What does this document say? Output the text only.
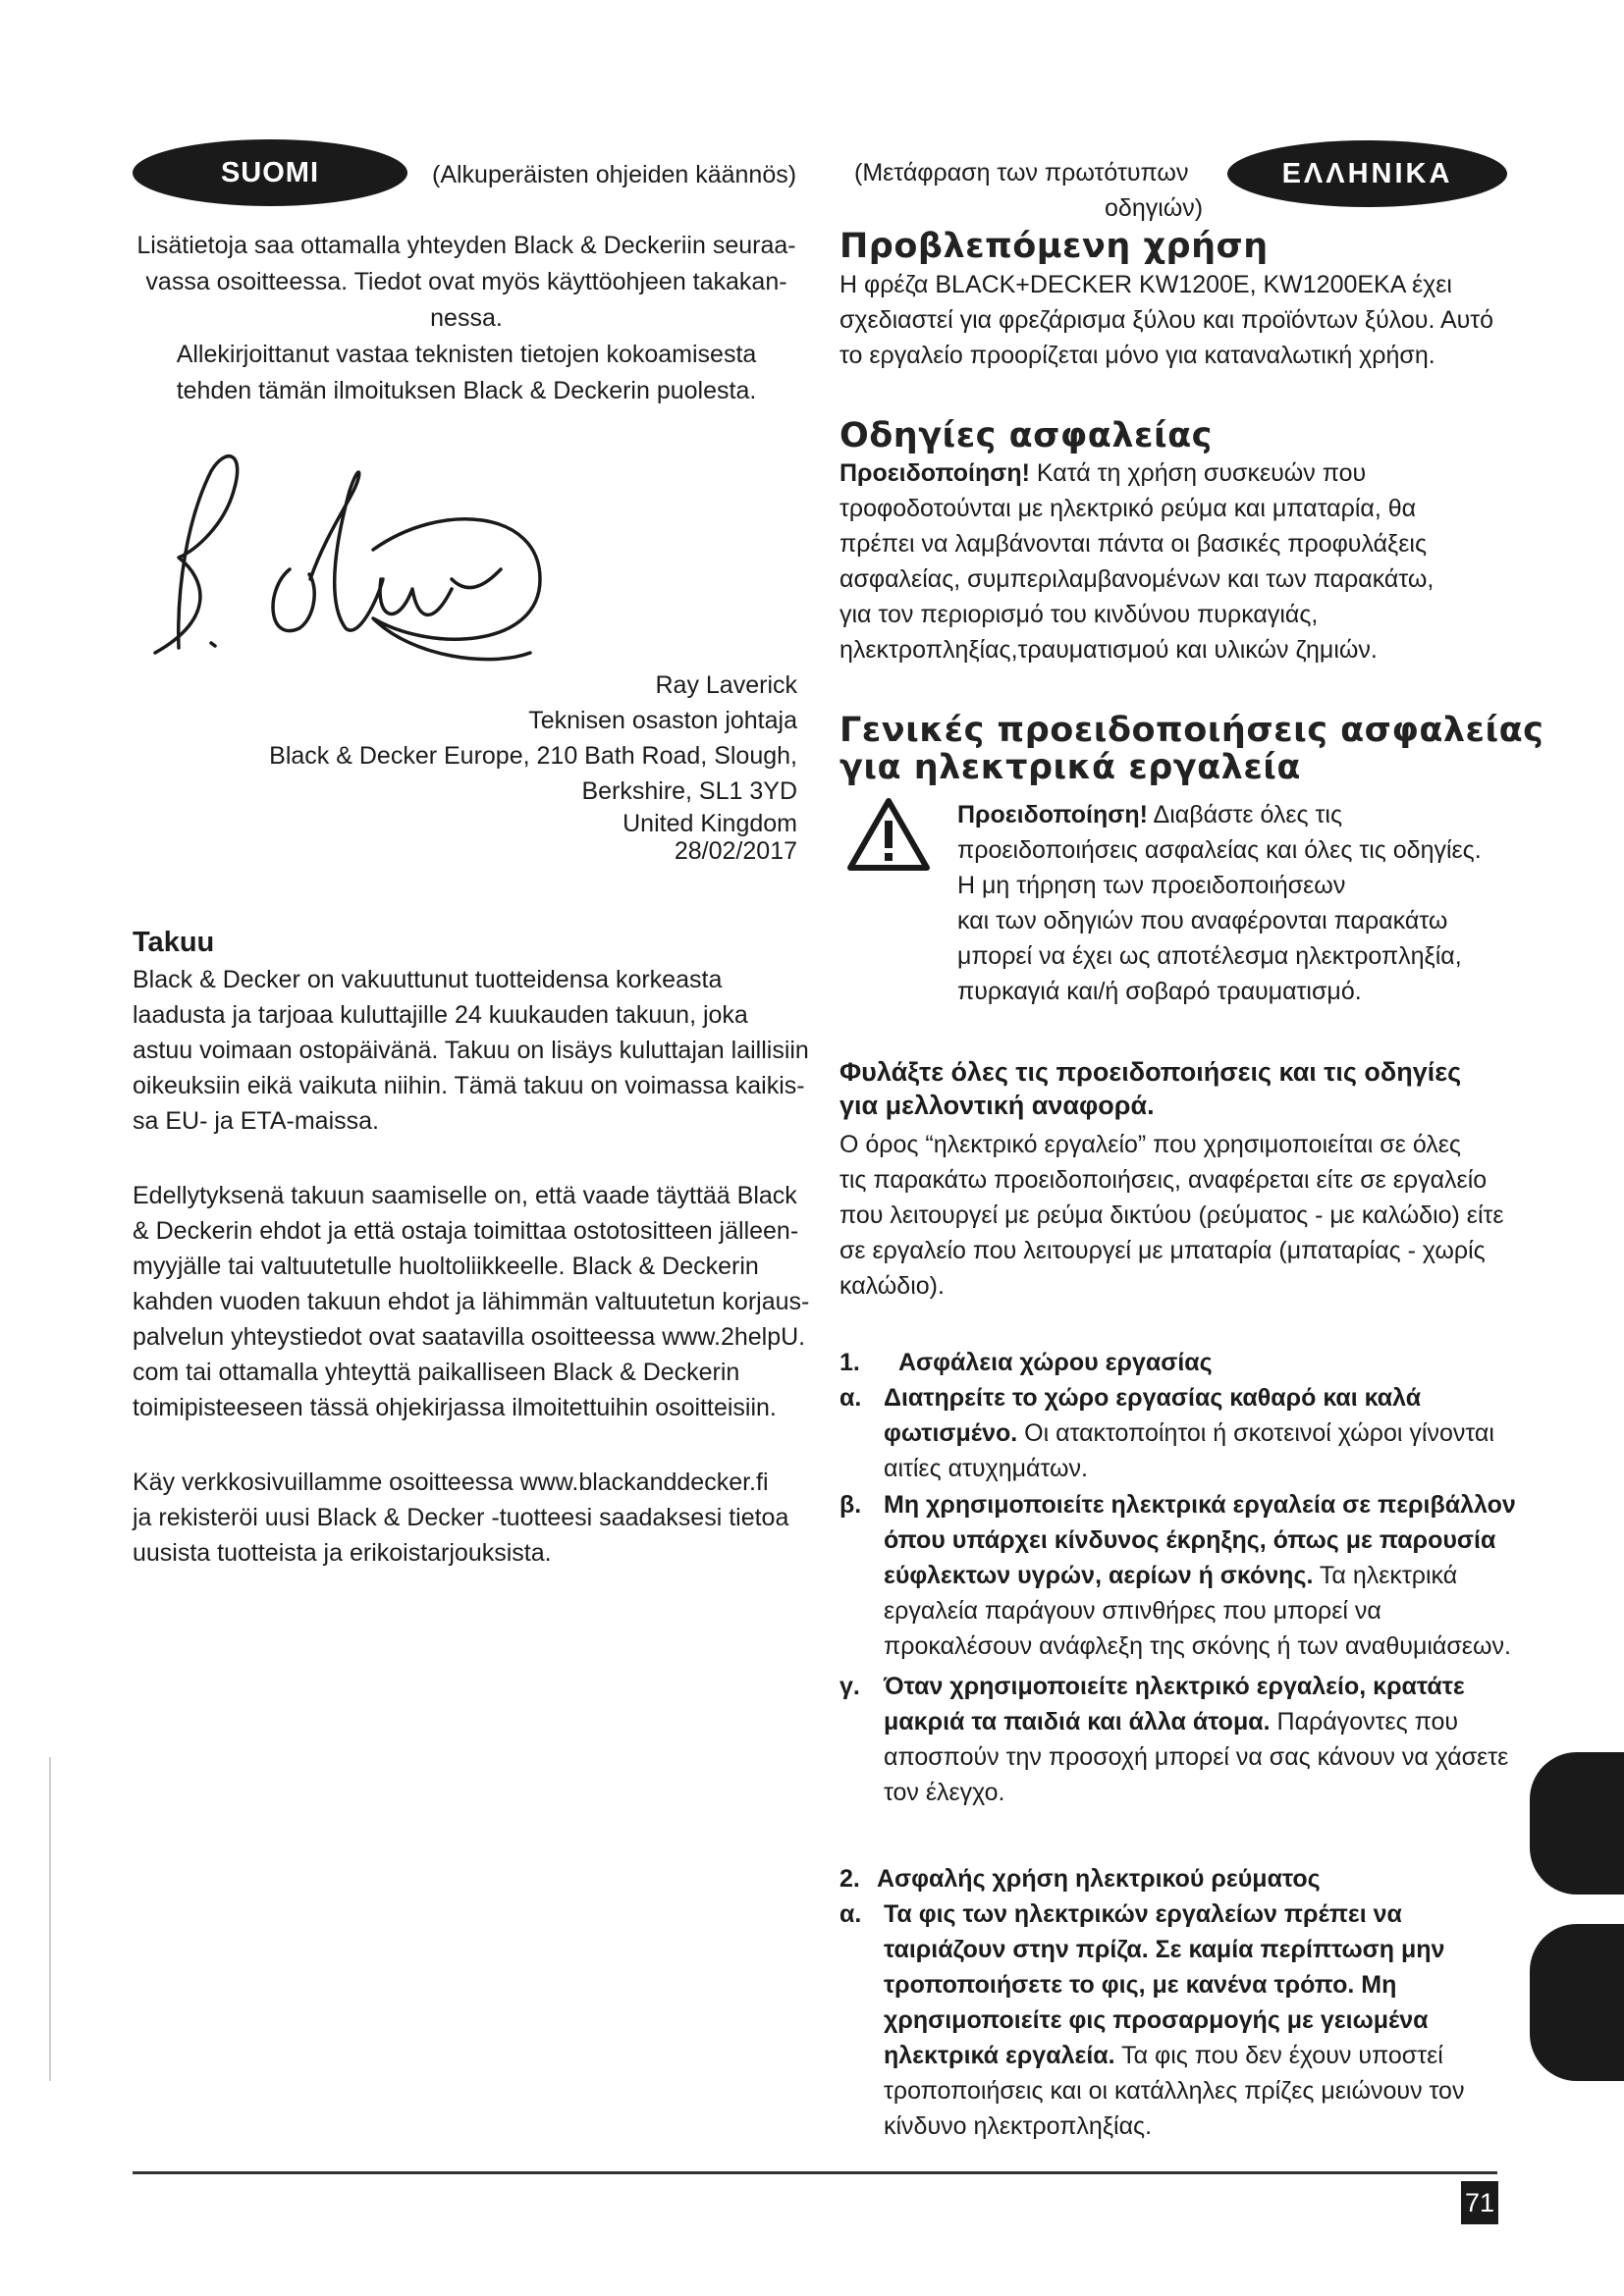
SUOMI	(Alkuperäisten ohjeiden käännös)
Lisätietoja saa ottamalla yhteyden Black & Deckeriin seuraa-
vassa osoitteessa. Tiedot ovat myös käyttöohjeen takakan-
nessa.
Allekirjoittanut vastaa teknisten tietojen kokoamisesta
tehden tämän ilmoituksen Black & Deckerin puolesta.
Ray Laverick
Teknisen osaston johtaja
Black & Decker Europe, 210 Bath Road, Slough,
Berkshire, SL1 3YD
United Kingdom
28/02/2017
Takuu
Black & Decker on vakuuttunut tuotteidensa korkeasta
laadusta ja tarjoaa kuluttajille 24 kuukauden takuun, joka
astuu voimaan ostopäivänä. Takuu on lisäys kuluttajan laillisiin
oikeuksiin eikä vaikuta niihin. Tämä takuu on voimassa kaikis-
sa EU- ja ETA-maissa.
Edellytyksenä takuun saamiselle on, että vaade täyttää Black
& Deckerin ehdot ja että ostaja toimittaa ostotositteen jälleen-
myyjälle tai valtuutetulle huoltoliikkeelle. Black & Deckerin
kahden vuoden takuun ehdot ja lähimmän valtuutetun korjaus-
palvelun yhteystiedot ovat saatavilla osoitteessa www.2helpU.
com tai ottamalla yhteyttä paikalliseen Black & Deckerin
toimipisteeseen tässä ohjekirjassa ilmoitettuihin osoitteisiin.
Käy verkkosivuillamme osoitteessa www.blackanddecker.fi
ja rekisteröi uusi Black & Decker -tuotteesi saadaksesi tietoa
uusista tuotteista ja erikoistarjouksista.
(Μετάφραση των πρωτότυπων
οδηγιών)
ΕΛΛΗΝΙΚΑ
Προβλεπόμενη χρήση
Η φρέζα BLACK+DECKER KW1200E, KW1200EKA έχει
σχεδιαστεί για φρεζάρισμα ξύλου και προϊόντων ξύλου. Αυτό
το εργαλείο προορίζεται μόνο για καταναλωτική χρήση.
Οδηγίες ασφαλείας
Προειδοποίηση! Κατά τη χρήση συσκευών που
τροφοδοτούνται με ηλεκτρικό ρεύμα και μπαταρία, θα
πρέπει να λαμβάνονται πάντα οι βασικές προφυλάξεις
ασφαλείας, συμπεριλαμβανομένων και των παρακάτω,
για τον περιορισμό του κινδύνου πυρκαγιάς,
ηλεκτροπληξίας,τραυματισμού και υλικών ζημιών.
Γενικές προειδοποιήσεις ασφαλείας
για ηλεκτρικά εργαλεία
Προειδοποίηση! Διαβάστε όλες τις
προειδοποιήσεις ασφαλείας και όλες τις οδηγίες.
Η μη τήρηση των προειδοποιήσεων
και των οδηγιών που αναφέρονται παρακάτω
μπορεί να έχει ως αποτέλεσμα ηλεκτροπληξία,
πυρκαγιά και/ή σοβαρό τραυματισμό.
Φυλάξτε όλες τις προειδοποιήσεις και τις οδηγίες
για μελλοντική αναφορά.
Ο όρος “ηλεκτρικό εργαλείο” που χρησιμοποιείται σε όλες
τις παρακάτω προειδοποιήσεις, αναφέρεται είτε σε εργαλείο
που λειτουργεί με ρεύμα δικτύου (ρεύματος - με καλώδιο) είτε
σε εργαλείο που λειτουργεί με μπαταρία (μπαταρίας - χωρίς
καλώδιο).
1. Ασφάλεια χώρου εργασίας
α. Διατηρείτε το χώρο εργασίας καθαρό και καλά
φωτισμένο. Οι ατακτοποίητοι ή σκοτεινοί χώροι γίνονται
αιτίες ατυχημάτων.
β. Μη χρησιμοποιείτε ηλεκτρικά εργαλεία σε περιβάλλον
όπου υπάρχει κίνδυνος έκρηξης, όπως με παρουσία
εύφλεκτων υγρών, αερίων ή σκόνης. Τα ηλεκτρικά
εργαλεία παράγουν σπινθήρες που μπορεί να
προκαλέσουν ανάφλεξη της σκόνης ή των αναθυμιάσεων.
γ. Όταν χρησιμοποιείτε ηλεκτρικό εργαλείο, κρατάτε
μακριά τα παιδιά και άλλα άτομα. Παράγοντες που
αποσπούν την προσοχή μπορεί να σας κάνουν να χάσετε
τον έλεγχο.
2. Ασφαλής χρήση ηλεκτρικού ρεύματος
α. Τα φις των ηλεκτρικών εργαλείων πρέπει να
ταιριάζουν στην πρίζα. Σε καμία περίπτωση μην
τροποποιήσετε το φις, με κανένα τρόπο. Μη
χρησιμοποιείτε φις προσαρμογής με γειωμένα
ηλεκτρικά εργαλεία. Τα φις που δεν έχουν υποστεί
τροποποιήσεις και οι κατάλληλες πρίζες μειώνουν τον
κίνδυνο ηλεκτροπληξίας.
71
